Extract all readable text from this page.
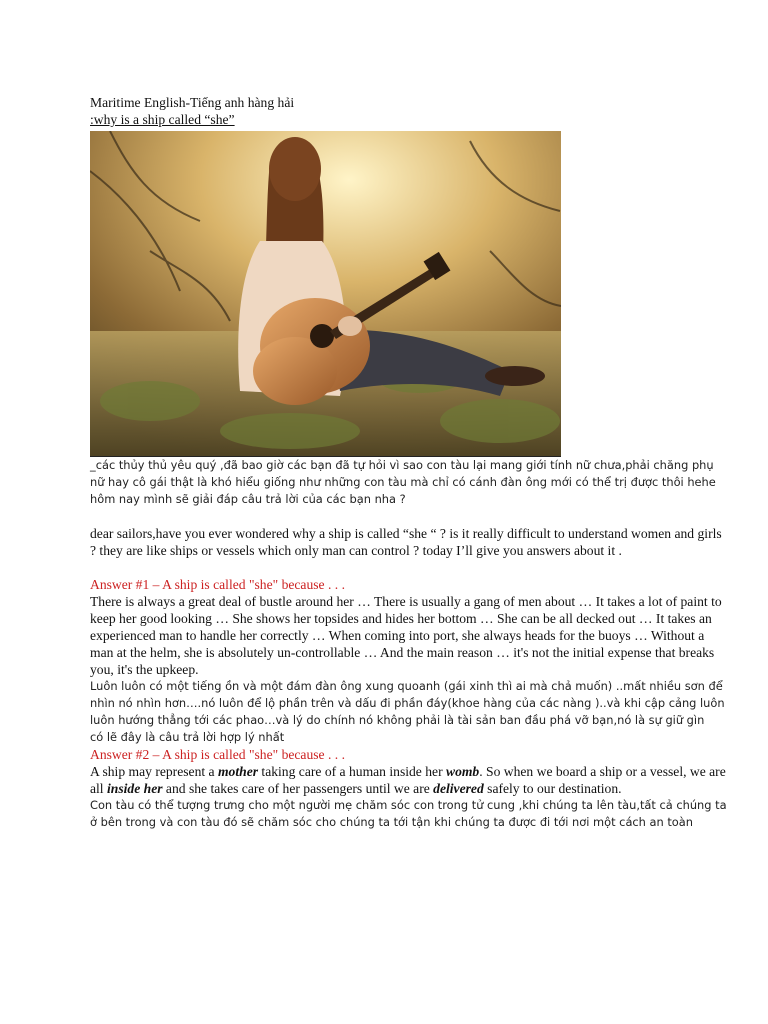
Maritime English-Tiếng anh hàng hải

:why is a ship called “she”

_các thủy thủ yêu quý ,đã bao giờ các bạn đã tự hỏi vì sao con tàu lại mang giới tính nữ chưa,phải chăng phụ nữ hay cô gái thật là khó hiểu giống như những con tàu mà chỉ có cánh đàn ông mới có thể trị được thôi hehe hôm nay mình sẽ giải đáp câu trả lời của các bạn nha ?

dear sailors,have you ever wondered why a ship is called “she “ ? is it really difficult to understand women and girls ? they are like ships or vessels which only man can control ? today I’ll give you answers about it .

Answer #1 – A ship is called "she" because . . .

There is always a great deal of bustle around her … There is usually a gang of men about … It takes a lot of paint to keep her good looking … She shows her topsides and hides her bottom … She can be all decked out … It takes an experienced man to handle her correctly … When coming into port, she always heads for the buoys … Without a man at the helm, she is absolutely un-controllable … And the main reason … it's not the initial expense that breaks you, it's the upkeep.

Luôn luôn có một tiếng ồn và một đám đàn ông xung quoanh (gái xinh thì ai mà chả muốn) ..mất nhiều sơn để nhìn nó nhìn hơn….nó luôn để lộ phần trên và dấu đi phần đáy(khoe hàng của các nàng )..và khi cập cảng luôn luôn hướng thẳng tới các phao…và lý do chính nó không phải là tài sản ban đầu phá vỡ bạn,nó là sự giữ gìn

có lẽ đây là câu trả lời hợp lý nhất

Answer #2 – A ship is called "she" because . . .

A ship may represent a mother taking care of a human inside her womb. So when we board a ship or a vessel, we are all inside her and she takes care of her passengers until we are delivered safely to our destination.

Con tàu có thể tượng trưng cho một người mẹ chăm sóc con trong tử cung ,khi chúng ta lên tàu,tất cả chúng ta ở bên trong và con tàu đó sẽ chăm sóc cho chúng ta tới tận khi chúng ta được đi tới nơi một cách an toàn
